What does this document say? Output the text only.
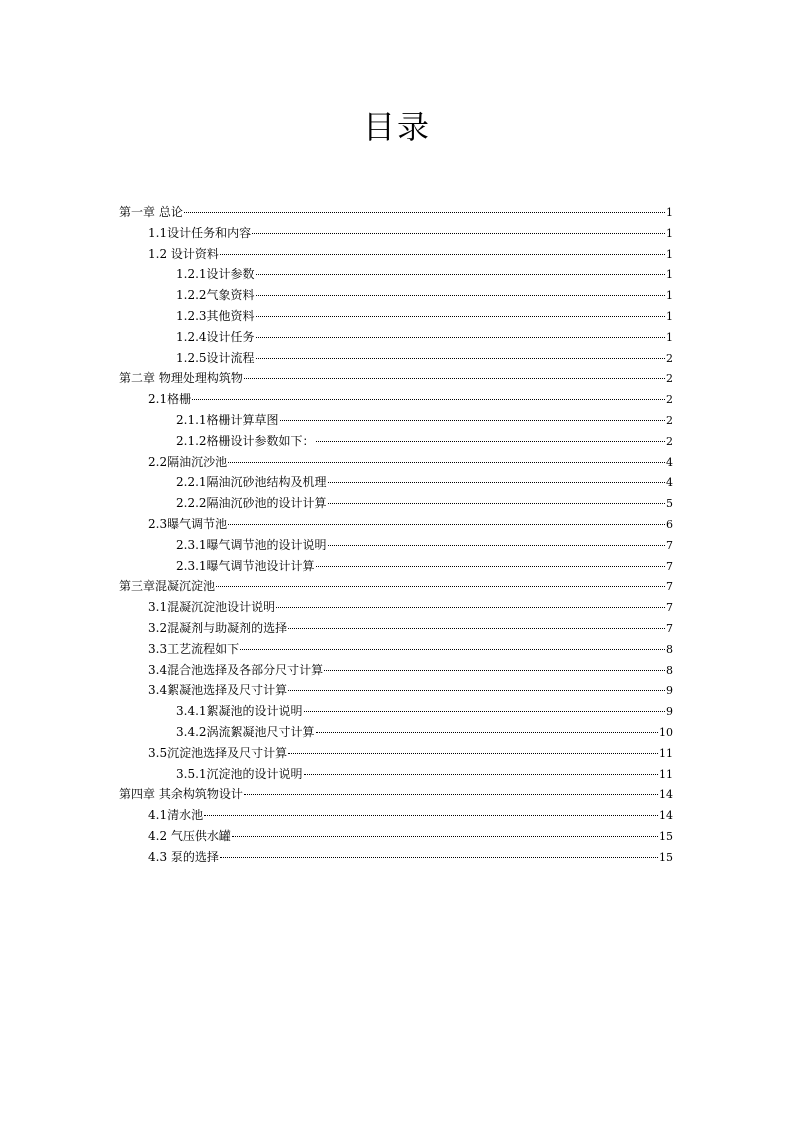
目录
第一章 总论	1
1.1设计任务和内容	1
1.2 设计资料	1
1.2.1设计参数	1
1.2.2气象资料	1
1.2.3其他资料	1
1.2.4设计任务	1
1.2.5设计流程	2
第二章 物理处理构筑物	2
2.1格栅	2
2.1.1格栅计算草图	2
2.1.2格栅设计参数如下：	2
2.2隔油沉沙池	4
2.2.1隔油沉砂池结构及机理	4
2.2.2隔油沉砂池的设计计算	5
2.3曝气调节池	6
2.3.1曝气调节池的设计说明	7
2.3.1曝气调节池设计计算	7
第三章混凝沉淀池	7
3.1混凝沉淀池设计说明	7
3.2混凝剂与助凝剂的选择	7
3.3工艺流程如下	8
3.4混合池选择及各部分尺寸计算	8
3.4絮凝池选择及尺寸计算	9
3.4.1絮凝池的设计说明	9
3.4.2涡流絮凝池尺寸计算	10
3.5沉淀池选择及尺寸计算	11
3.5.1沉淀池的设计说明	11
第四章 其余构筑物设计	14
4.1清水池	14
4.2 气压供水罐	15
4.3 泵的选择	15
